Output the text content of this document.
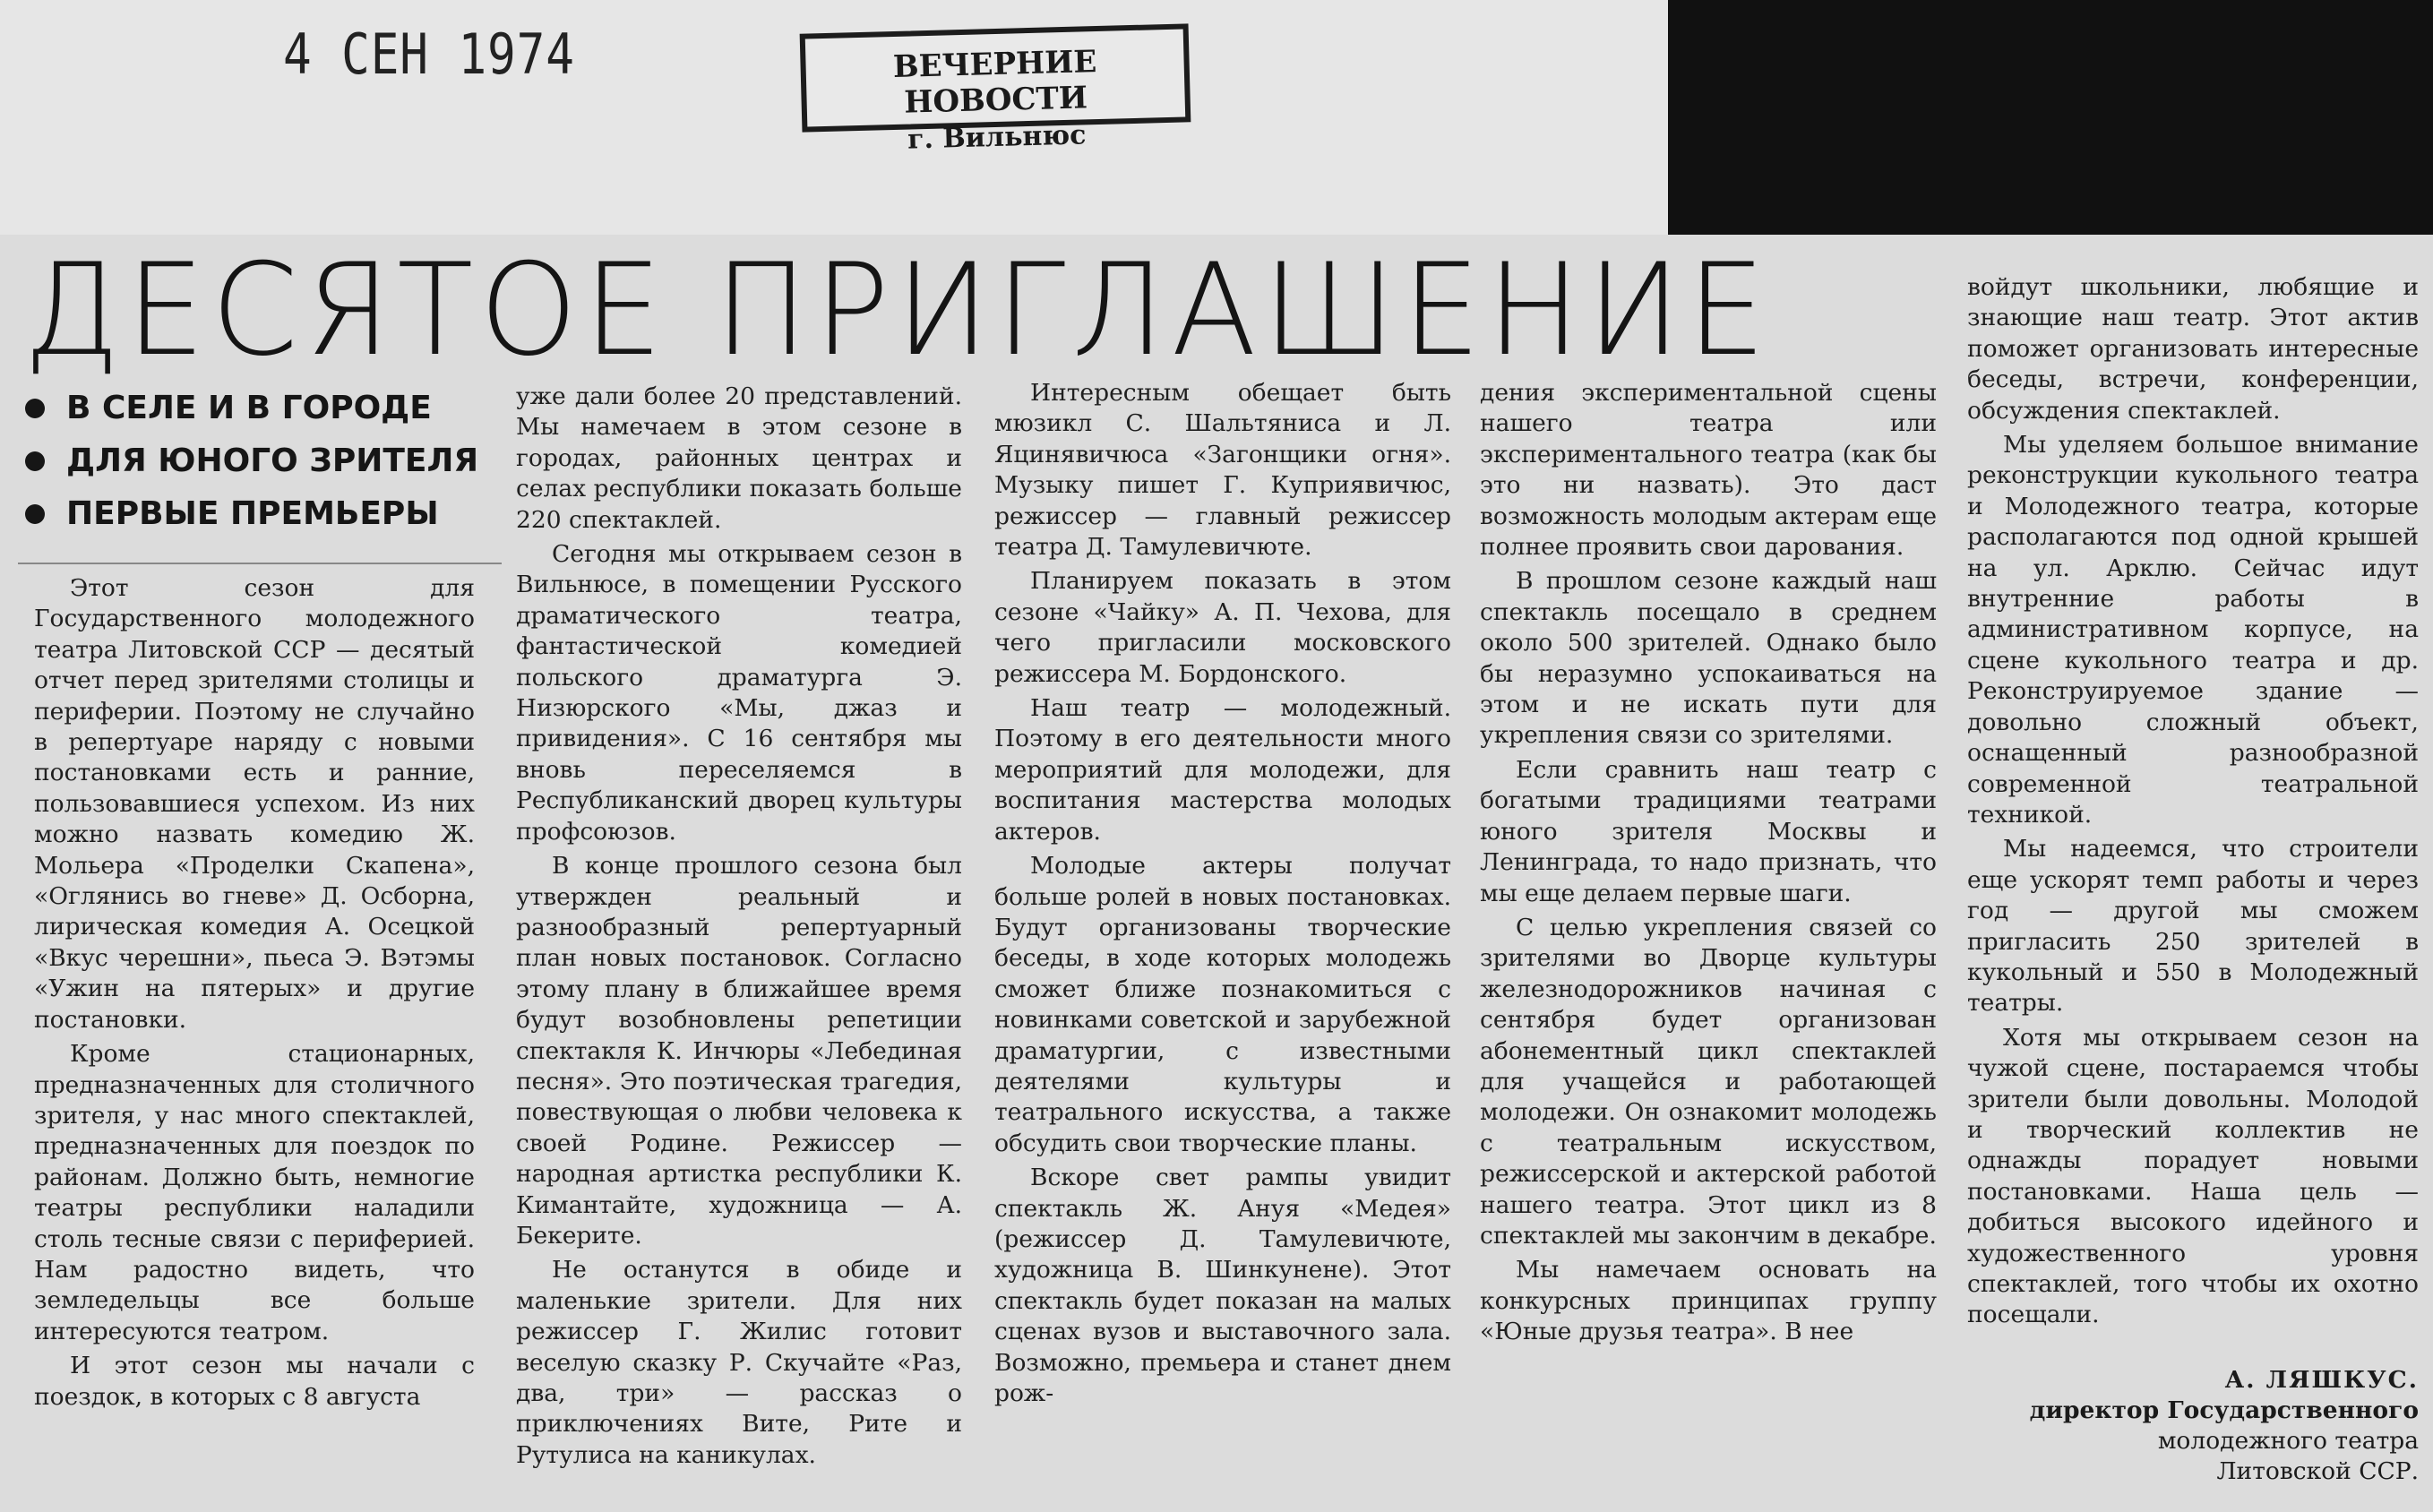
4 СЕН 1974	ВЕЧЕРНИЕ НОВОСТИ
г. Вильнюс
ДЕСЯТОЕ ПРИГЛАШЕНИЕ
В СЕЛЕ И В ГОРОДЕ
ДЛЯ ЮНОГО ЗРИТЕЛЯ
ПЕРВЫЕ ПРЕМЬЕРЫ

Этот сезон для Государственного молодежного театра Литовской ССР — десятый отчет перед зрителями столицы и периферии. Поэтому не случайно в репертуаре наряду с новыми постановками есть и ранние, пользовавшиеся успехом. Из них можно назвать комедию Ж. Мольера «Проделки Скапена», «Оглянись во гневе» Д. Осборна, лирическая комедия А. Осецкой «Вкус черешни», пьеса Э. Вэтэмы «Ужин на пятерых» и другие постановки.

Кроме стационарных, предназначенных для столичного зрителя, у нас много спектаклей, предназначенных для поездок по районам. Должно быть, немногие театры республики наладили столь тесные связи с периферией. Нам радостно видеть, что земледельцы все больше интересуются театром.

И этот сезон мы начали с поездок, в которых с 8 августа

уже дали более 20 представлений. Мы намечаем в этом сезоне в городах, районных центрах и селах республики показать больше 220 спектаклей.

Сегодня мы открываем сезон в Вильнюсе, в помещении Русского драматического театра, фантастической комедией польского драматурга Э. Низюрского «Мы, джаз и привидения». С 16 сентября мы вновь переселяемся в Республиканский дворец культуры профсоюзов.

В конце прошлого сезона был утвержден реальный и разнообразный репертуарный план новых постановок. Согласно этому плану в ближайшее время будут возобновлены репетиции спектакля К. Инчюры «Лебединая песня». Это поэтическая трагедия, повествующая о любви человека к своей Родине. Режиссер — народная артистка республики К. Кимантайте, художница — А. Бекерите.

Не останутся в обиде и маленькие зрители. Для них режиссер Г. Жилис готовит веселую сказку Р. Скучайте «Раз, два, три» — рассказ о приключениях Вите, Рите и Рутулиса на каникулах.

Интересным обещает быть мюзикл С. Шальтяниса и Л. Яцинявичюса «Загонщики огня». Музыку пишет Г. Куприявичюс, режиссер — главный режиссер театра Д. Тамулевичюте.

Планируем показать в этом сезоне «Чайку» А. П. Чехова, для чего пригласили московского режиссера М. Бордонского.

Наш театр — молодежный. Поэтому в его деятельности много мероприятий для молодежи, для воспитания мастерства молодых актеров.

Молодые актеры получат больше ролей в новых постановках. Будут организованы творческие беседы, в ходе которых молодежь сможет ближе познакомиться с новинками советской и зарубежной драматургии, с известными деятелями культуры и театрального искусства, а также обсудить свои творческие планы.

Вскоре свет рампы увидит спектакль Ж. Ануя «Медея» (режиссер Д. Тамулевичюте, художница В. Шинкунене). Этот спектакль будет показан на малых сценах вузов и выставочного зала. Возможно, премьера и станет днем рож-

дения экспериментальной сцены нашего театра или экспериментального театра (как бы это ни назвать). Это даст возможность молодым актерам еще полнее проявить свои дарования.

В прошлом сезоне каждый наш спектакль посещало в среднем около 500 зрителей. Однако было бы неразумно успокаиваться на этом и не искать пути для укрепления связи со зрителями.

Если сравнить наш театр с богатыми традициями театрами юного зрителя Москвы и Ленинграда, то надо признать, что мы еще делаем первые шаги.

С целью укрепления связей со зрителями во Дворце культуры железнодорожников начиная с сентября будет организован абонементный цикл спектаклей для учащейся и работающей молодежи. Он ознакомит молодежь с театральным искусством, режиссерской и актерской работой нашего театра. Этот цикл из 8 спектаклей мы закончим в декабре.

Мы намечаем основать на конкурсных принципах группу «Юные друзья театра». В нее

войдут школьники, любящие и знающие наш театр. Этот актив поможет организовать интересные беседы, встречи, конференции, обсуждения спектаклей.

Мы уделяем большое внимание реконструкции кукольного театра и Молодежного театра, которые располагаются под одной крышей на ул. Арклю. Сейчас идут внутренние работы в административном корпусе, на сцене кукольного театра и др. Реконструируемое здание — довольно сложный объект, оснащенный разнообразной современной театральной техникой.

Мы надеемся, что строители еще ускорят темп работы и через год — другой мы сможем пригласить 250 зрителей в кукольный и 550 в Молодежный театры.

Хотя мы открываем сезон на чужой сцене, постараемся чтобы зрители были довольны. Молодой и творческий коллектив не однажды порадует новыми постановками. Наша цель — добиться высокого идейного и художественного уровня спектаклей, того чтобы их охотно посещали.

А. ЛЯШКУС.
директор Государственного
молодежного театра
Литовской ССР.
